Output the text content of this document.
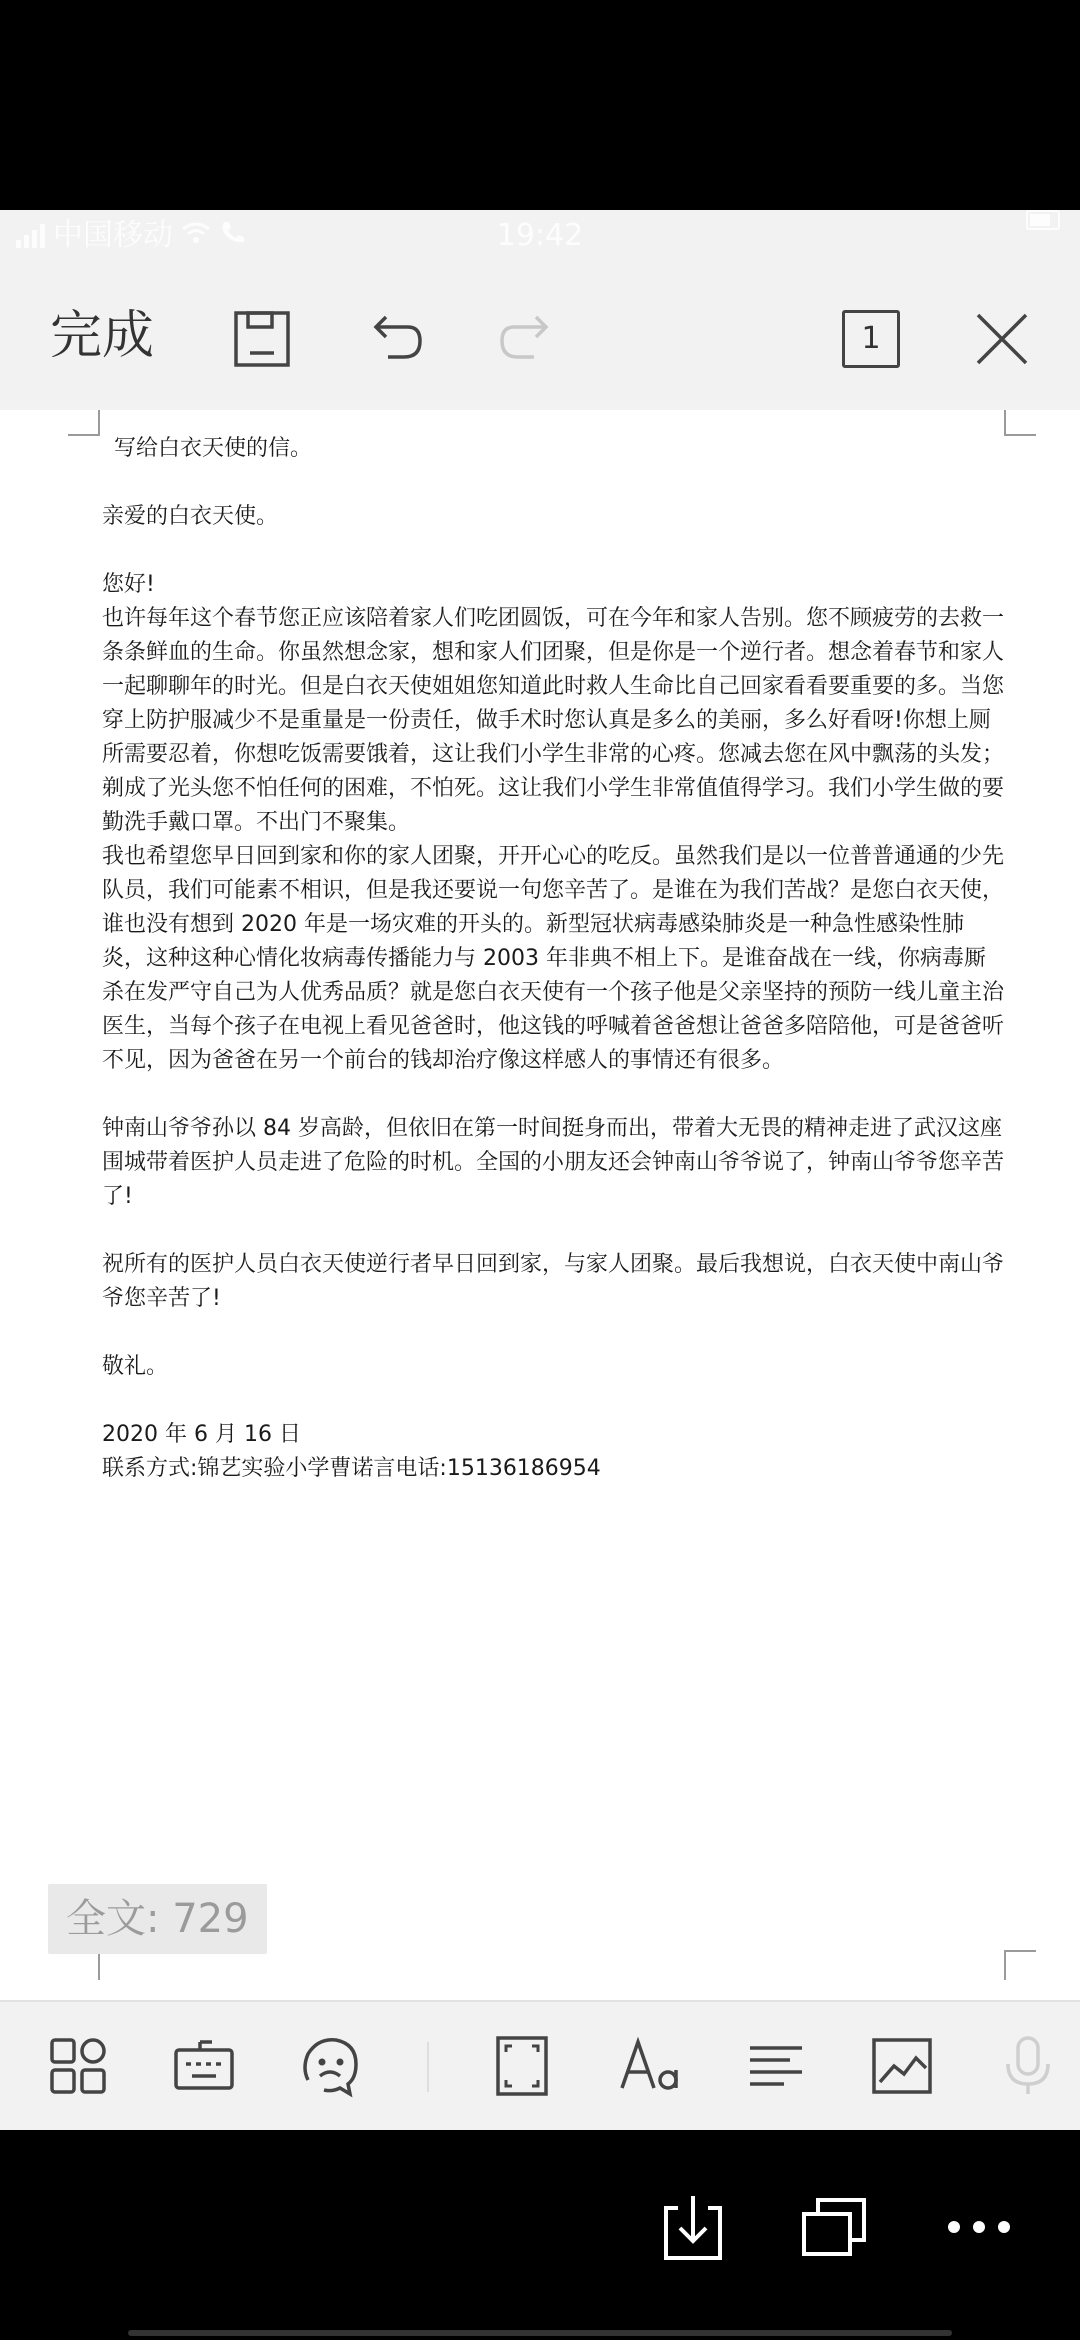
中国移动	19:42
完成	1

写给白衣天使的信。

亲爱的白衣天使。

您好!

也许每年这个春节您正应该陪着家人们吃团圆饭，可在今年和家人告别。您不顾疲劳的去救一条条鲜血的生命。你虽然想念家，想和家人们团聚，但是你是一个逆行者。想念着春节和家人一起聊聊年的时光。但是白衣天使姐姐您知道此时救人生命比自己回家看看要重要的多。当您穿上防护服减少不是重量是一份责任，做手术时您认真是多么的美丽，多么好看呀!你想上厕所需要忍着，你想吃饭需要饿着，这让我们小学生非常的心疼。您减去您在风中飘荡的头发；剃成了光头您不怕任何的困难，不怕死。这让我们小学生非常值值得学习。我们小学生做的要勤洗手戴口罩。不出门不聚集。

我也希望您早日回到家和你的家人团聚，开开心心的吃反。虽然我们是以一位普普通通的少先队员，我们可能素不相识，但是我还要说一句您辛苦了。是谁在为我们苦战？是您白衣天使，谁也没有想到 2020 年是一场灾难的开头的。新型冠状病毒感染肺炎是一种急性感染性肺炎，这种这种心情化妆病毒传播能力与 2003 年非典不相上下。是谁奋战在一线，你病毒厮杀在发严守自己为人优秀品质？就是您白衣天使有一个孩子他是父亲坚持的预防一线儿童主治医生，当每个孩子在电视上看见爸爸时，他这钱的呼喊着爸爸想让爸爸多陪陪他，可是爸爸听不见，因为爸爸在另一个前台的钱却治疗像这样感人的事情还有很多。

钟南山爷爷孙以 84 岁高龄，但依旧在第一时间挺身而出，带着大无畏的精神走进了武汉这座围城带着医护人员走进了危险的时机。全国的小朋友还会钟南山爷爷说了，钟南山爷爷您辛苦了!

祝所有的医护人员白衣天使逆行者早日回到家，与家人团聚。最后我想说，白衣天使中南山爷爷您辛苦了!

敬礼。

2020 年 6 月 16 日

联系方式:锦艺实验小学曹诺言电话:15136186954

全文: 729
